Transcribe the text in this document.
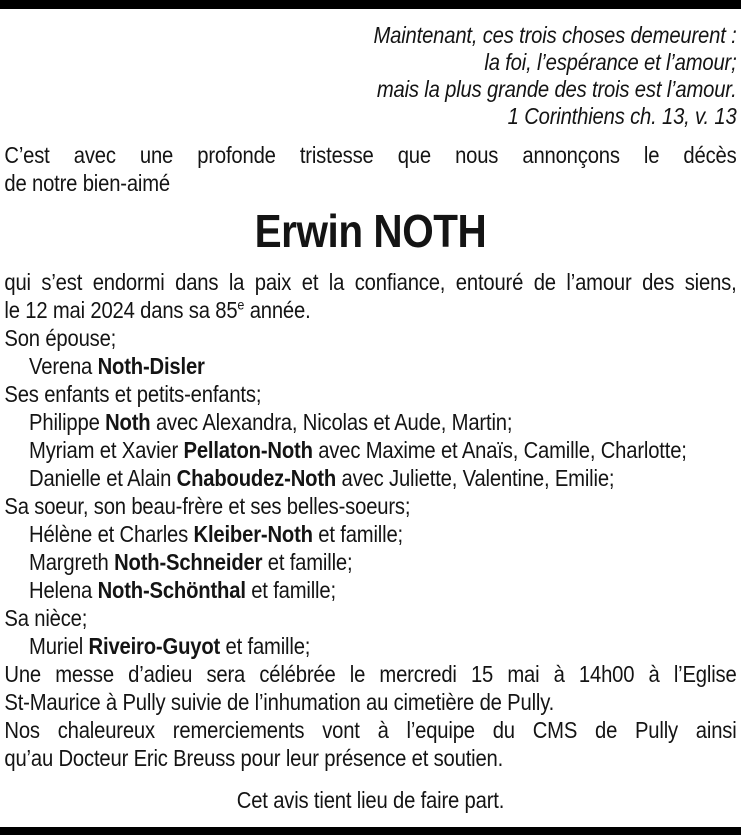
Maintenant, ces trois choses demeurent :
la foi, l’espérance et l’amour;
mais la plus grande des trois est l’amour.
1 Corinthiens ch. 13, v. 13
C’est avec une profonde tristesse que nous annonçons le décès
de notre bien-aimé
Erwin NOTH
qui s’est endormi dans la paix et la confiance, entouré de l’amour des siens,
le 12 mai 2024 dans sa 85e année.
Son épouse;
Verena Noth-Disler
Ses enfants et petits-enfants;
Philippe Noth avec Alexandra, Nicolas et Aude, Martin;
Myriam et Xavier Pellaton-Noth avec Maxime et Anaïs, Camille, Charlotte;
Danielle et Alain Chaboudez-Noth avec Juliette, Valentine, Emilie;
Sa soeur, son beau-frère et ses belles-soeurs;
Hélène et Charles Kleiber-Noth et famille;
Margreth Noth-Schneider et famille;
Helena Noth-Schönthal et famille;
Sa nièce;
Muriel Riveiro-Guyot et famille;
Une messe d’adieu sera célébrée le mercredi 15 mai à 14h00 à l’Eglise
St-Maurice à Pully suivie de l’inhumation au cimetière de Pully.
Nos chaleureux remerciements vont à l’equipe du CMS de Pully ainsi
qu’au Docteur Eric Breuss pour leur présence et soutien.
Cet avis tient lieu de faire part.
